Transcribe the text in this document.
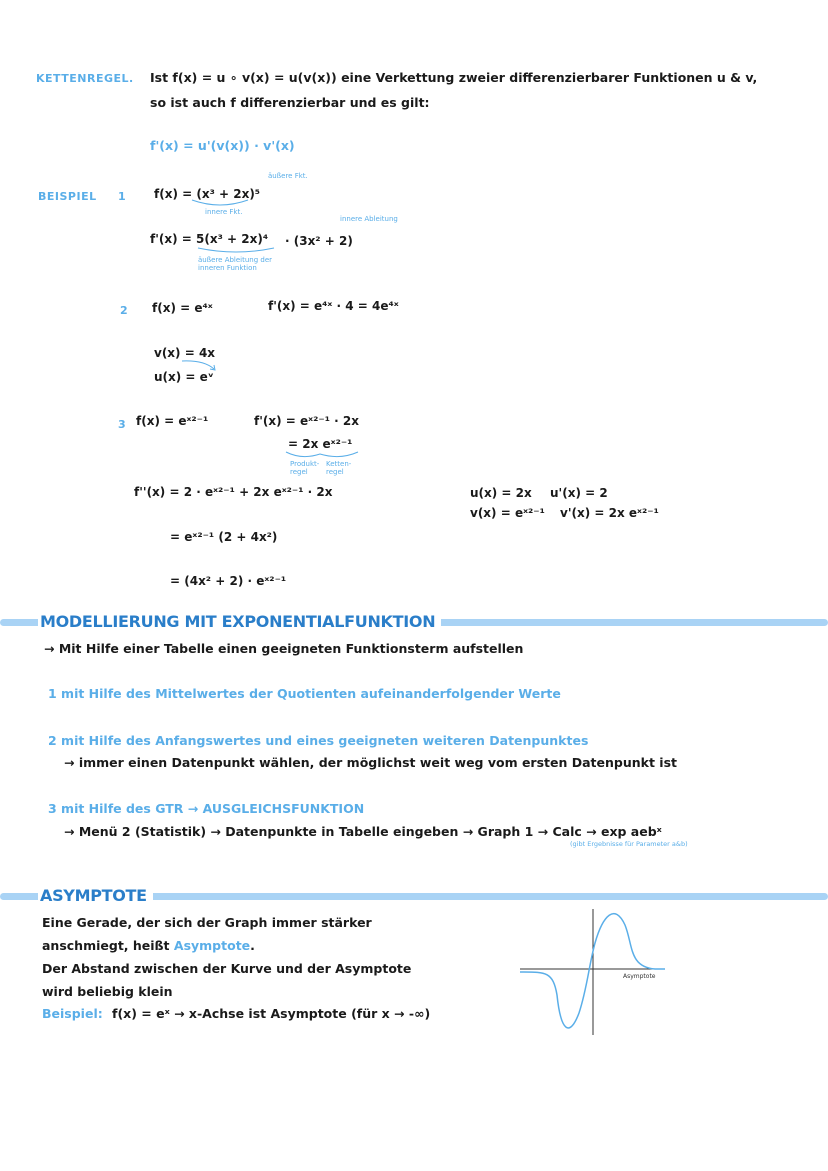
KETTENREGEL. Ist f(x) = u ∘ v(x) = u(v(x)) eine Verkettung zweier differenzierbarer Funktionen u & v,
so ist auch f differenzierbar und es gilt:
f'(x) = u'(v(x)) · v'(x)
BEISPIEL 1 f(x) = (x³ + 2x)⁵
äußere Fkt.
innere Fkt.
f'(x) = 5(x³ + 2x)⁴ · (3x² + 2)
innere Ableitung
äußere Ableitung der inneren Funktion
2 f(x) = e⁴ˣ	f'(x) = e⁴ˣ · 4 = 4e⁴ˣ
v(x) = 4x
u(x) = eᵛ
3 f(x) = eˣ²⁻¹	f'(x) = eˣ²⁻¹ · 2x
= 2x eˣ²⁻¹
Produkt-regel
Ketten-regel
f''(x) = 2 · eˣ²⁻¹ + 2x eˣ²⁻¹ · 2x
= eˣ²⁻¹ (2 + 4x²)
= (4x² + 2) · eˣ²⁻¹
u(x) = 2x u'(x) = 2
v(x) = eˣ²⁻¹ v'(x) = 2x eˣ²⁻¹
MODELLIERUNG MIT EXPONENTIALFUNKTION
→ Mit Hilfe einer Tabelle einen geeigneten Funktionsterm aufstellen
1 mit Hilfe des Mittelwertes der Quotienten aufeinanderfolgender Werte
2 mit Hilfe des Anfangswertes und eines geeigneten weiteren Datenpunktes
→ immer einen Datenpunkt wählen, der möglichst weit weg vom ersten Datenpunkt ist
3 mit Hilfe des GTR → AUSGLEICHSFUNKTION
→ Menü 2 (Statistik) → Datenpunkte in Tabelle eingeben → Graph 1 → Calc → exp aebˣ
(gibt Ergebnisse für Parameter a&b)
ASYMPTOTE
Eine Gerade, der sich der Graph immer stärker
anschmiegt, heißt Asymptote.
Der Abstand zwischen der Kurve und der Asymptote
wird beliebig klein
Beispiel: f(x) = eˣ → x-Achse ist Asymptote (für x → -∞)
Asymptote
